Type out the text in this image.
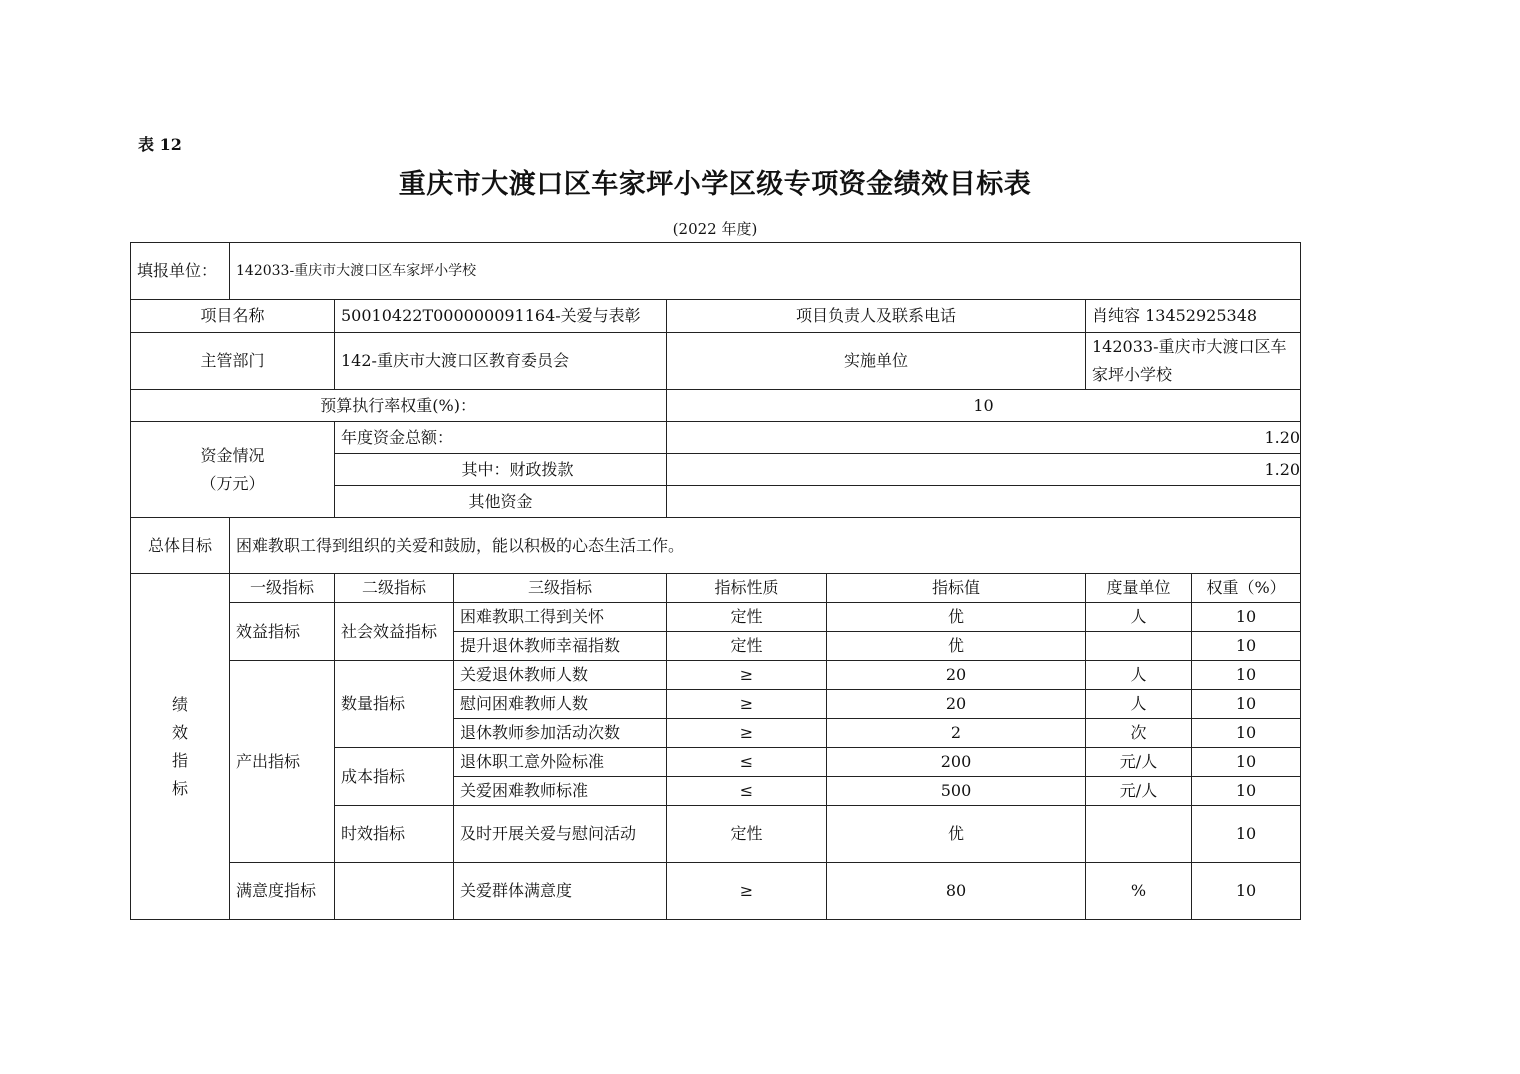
表 12
重庆市大渡口区车家坪小学区级专项资金绩效目标表
(2022 年度)
填报单位：	142033-重庆市大渡口区车家坪小学校						
项目名称		50010422T000000091164-关爱与表彰		项目负责人及联系电话		肖纯容 13452925348	
主管部门		142-重庆市大渡口区教育委员会		实施单位		142033-重庆市大渡口区车家坪小学校	
预算执行率权重(%)：				10			

资金情况
（万元）		年度资金总额：		1.20			
		其中：财政拨款		1.20			
		其他资金					
总体目标	困难教职工得到组织的关爱和鼓励，能以积极的心态生活工作。						

绩
效
指
标	一级指标	二级指标	三级指标	指标性质	指标值	度量单位	权重（%）
	效益指标	社会效益指标	困难教职工得到关怀	定性	优	人	10
			提升退休教师幸福指数	定性	优		10
	产出指标	数量指标	关爱退休教师人数	≥	20	人	10
			慰问困难教师人数	≥	20	人	10
			退休教师参加活动次数	≥	2	次	10
		成本指标	退休职工意外险标准	≤	200	元/人	10
			关爱困难教师标准	≤	500	元/人	10
		时效指标	及时开展关爱与慰问活动	定性	优		10
	满意度指标		关爱群体满意度	≥	80	%	10
